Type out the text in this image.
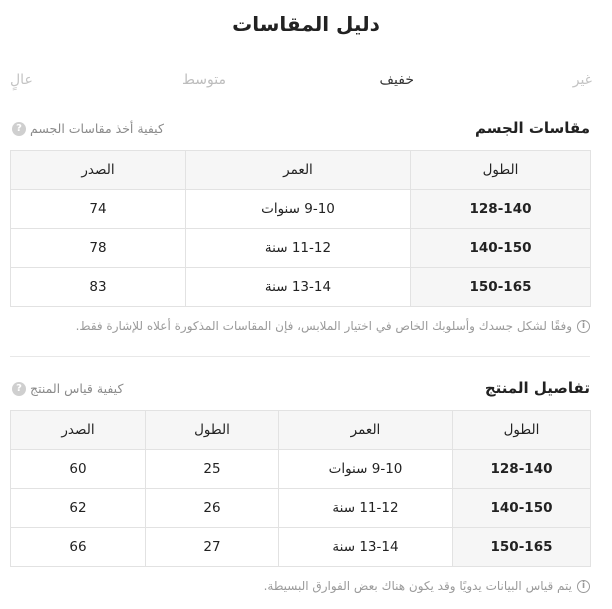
دليل المقاسات
غير
خفيف
متوسط
عالٍ
مقاسات الجسم
? كيفية أخذ مقاسات الجسم
الطول	العمر	الصدر
128-140	9-10 سنوات	74
140-150	11-12 سنة	78
150-165	13-14 سنة	83
i
وفقًا لشكل جسدك وأسلوبك الخاص في اختيار الملابس، فإن المقاسات المذكورة أعلاه للإشارة فقط.
تفاصيل المنتج
? كيفية قياس المنتج
الطول	العمر	الطول	الصدر
128-140	9-10 سنوات	25	60
140-150	11-12 سنة	26	62
150-165	13-14 سنة	27	66
i
يتم قياس البيانات يدويًا وقد يكون هناك بعض الفوارق البسيطة.
